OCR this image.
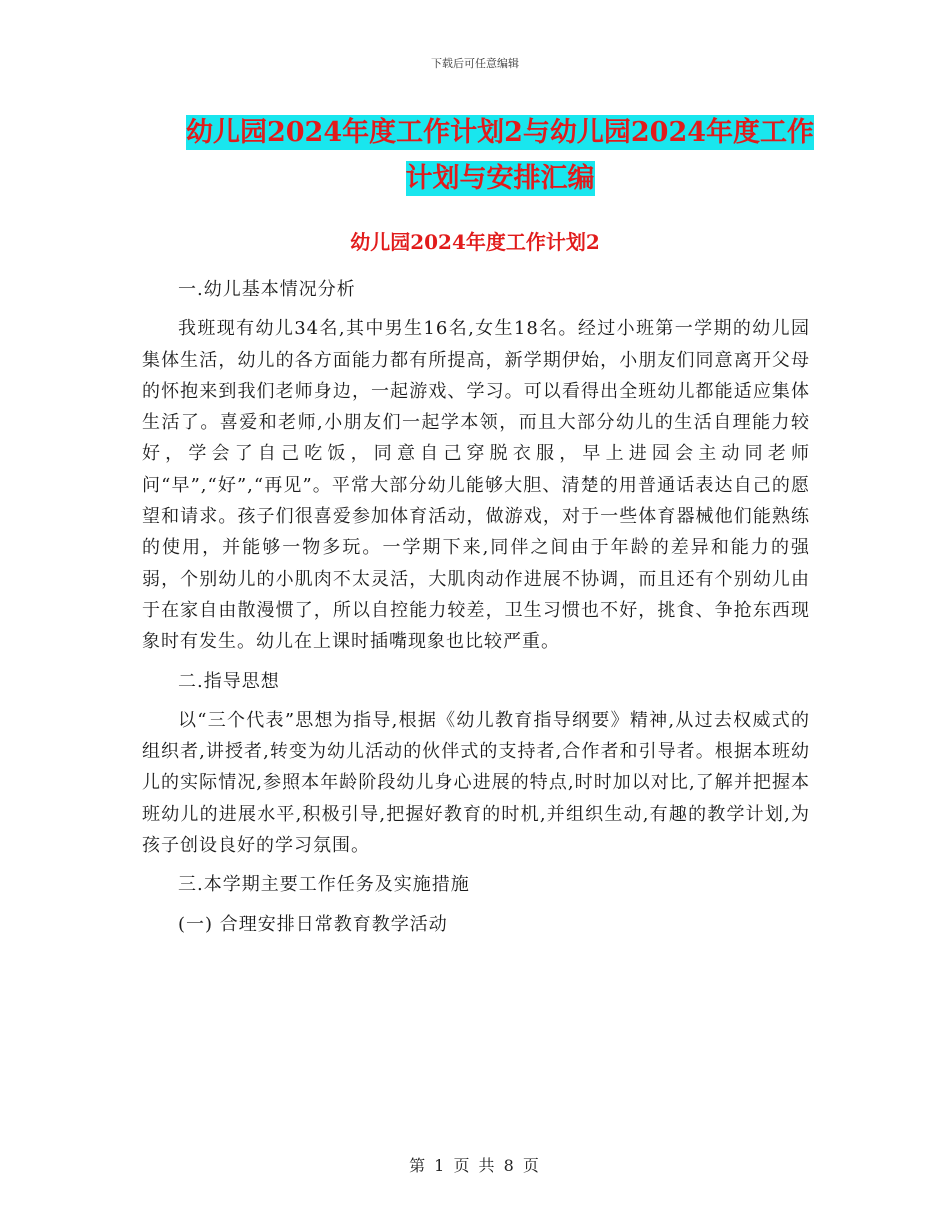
下载后可任意编辑
幼儿园2024年度工作计划2与幼儿园2024年度工作
计划与安排汇编
幼儿园2024年度工作计划2

一.幼儿基本情况分析

我班现有幼儿34名,其中男生16名,女生18名。经过小班第一学期的幼儿园集体生活，幼儿的各方面能力都有所提高，新学期伊始，小朋友们同意离开父母的怀抱来到我们老师身边，一起游戏、学习。可以看得出全班幼儿都能适应集体生活了。喜爱和老师,小朋友们一起学本领，而且大部分幼儿的生活自理能力较好，学会了自己吃饭，同意自己穿脱衣服，早上进园会主动同老师问“早”,“好”,“再见”。平常大部分幼儿能够大胆、清楚的用普通话表达自己的愿望和请求。孩子们很喜爱参加体育活动，做游戏，对于一些体育器械他们能熟练的使用，并能够一物多玩。一学期下来,同伴之间由于年龄的差异和能力的强弱，个别幼儿的小肌肉不太灵活，大肌肉动作进展不协调，而且还有个别幼儿由于在家自由散漫惯了，所以自控能力较差，卫生习惯也不好，挑食、争抢东西现象时有发生。幼儿在上课时插嘴现象也比较严重。

二.指导思想

以“三个代表”思想为指导,根据《幼儿教育指导纲要》精神,从过去权威式的组织者,讲授者,转变为幼儿活动的伙伴式的支持者,合作者和引导者。根据本班幼儿的实际情况,参照本年龄阶段幼儿身心进展的特点,时时加以对比,了解并把握本班幼儿的进展水平,积极引导,把握好教育的时机,并组织生动,有趣的教学计划,为孩子创设良好的学习氛围。

三.本学期主要工作任务及实施措施

(一) 合理安排日常教育教学活动

第 1 页 共 8 页
